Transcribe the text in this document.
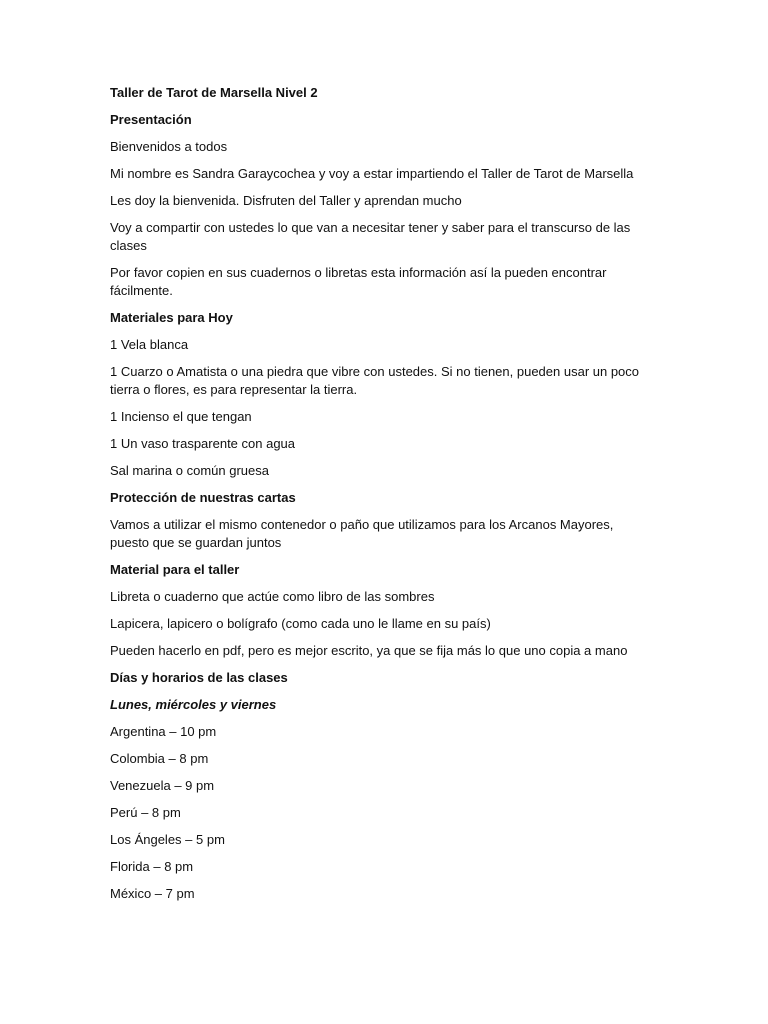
Taller de Tarot de Marsella Nivel 2

Presentación

Bienvenidos a todos

Mi nombre es Sandra Garaycochea y voy a estar impartiendo el Taller de Tarot de Marsella

Les doy la bienvenida. Disfruten del Taller y aprendan mucho

Voy a compartir con ustedes lo que van a necesitar tener y saber para el transcurso de las clases

Por favor copien en sus cuadernos o libretas esta información así la pueden encontrar fácilmente.

Materiales para Hoy

1 Vela blanca

1 Cuarzo o Amatista o una piedra que vibre con ustedes. Si no tienen, pueden usar un poco tierra o flores, es para representar la tierra.

1 Incienso el que tengan

1 Un vaso trasparente con agua

Sal marina o común gruesa

Protección de nuestras cartas

Vamos a utilizar el mismo contenedor o paño que utilizamos para los Arcanos Mayores, puesto que se guardan juntos

Material para el taller

Libreta o cuaderno que actúe como libro de las sombres

Lapicera, lapicero o bolígrafo (como cada uno le llame en su país)

Pueden hacerlo en pdf, pero es mejor escrito, ya que se fija más lo que uno copia a mano

Días y horarios de las clases

Lunes, miércoles y viernes

Argentina – 10 pm

Colombia – 8 pm

Venezuela – 9 pm

Perú – 8 pm

Los Ángeles – 5 pm

Florida – 8 pm

México – 7 pm
